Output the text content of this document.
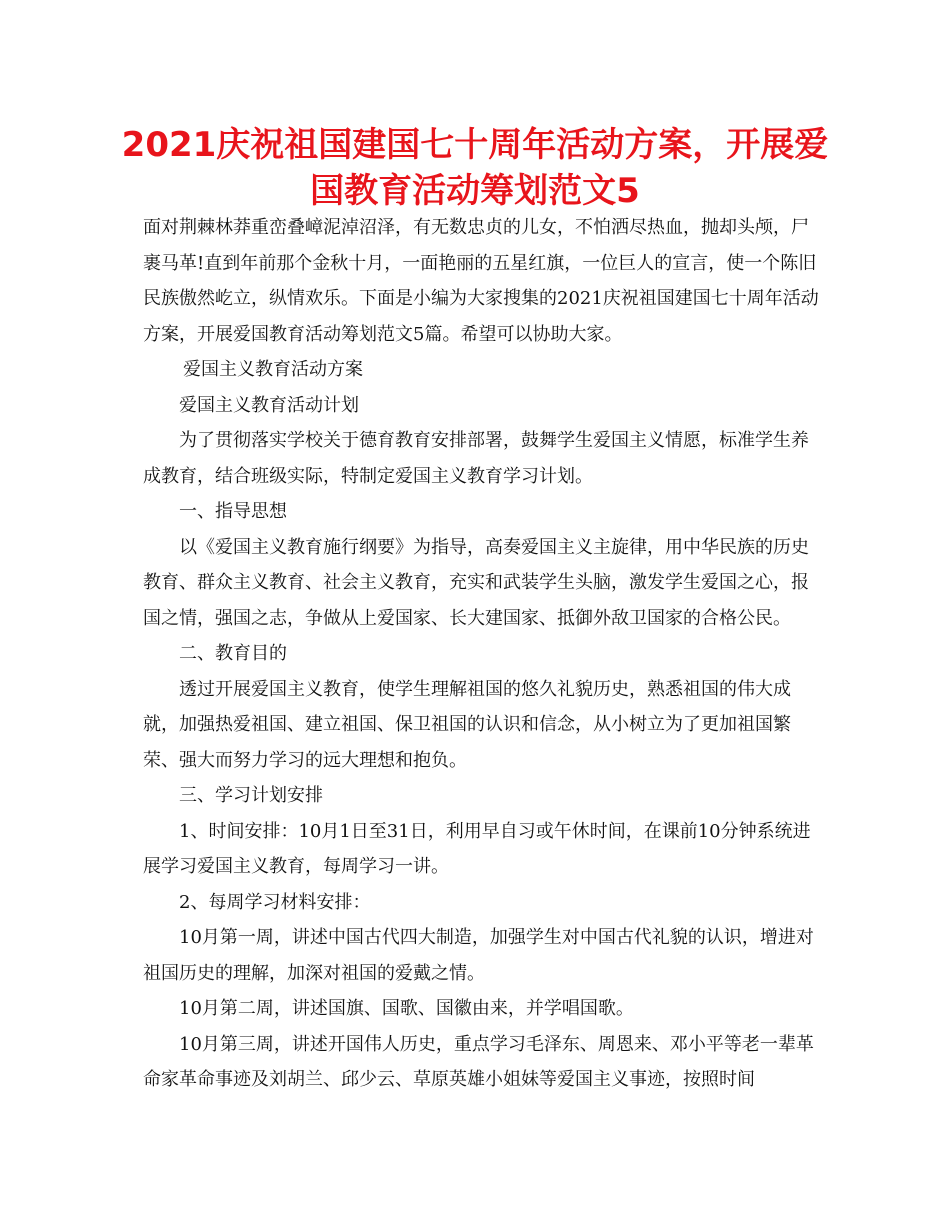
2021庆祝祖国建国七十周年活动方案，开展爱国教育活动筹划范文5

面对荆棘林莽重峦叠嶂泥淖沼泽，有无数忠贞的儿女，不怕洒尽热血，抛却头颅，尸裹马革!直到年前那个金秋十月，一面艳丽的五星红旗，一位巨人的宣言，使一个陈旧民族傲然屹立，纵情欢乐。下面是小编为大家搜集的2021庆祝祖国建国七十周年活动方案，开展爱国教育活动筹划范文5篇。希望可以协助大家。爱国主义教育活动方案

爱国主义教育活动计划

为了贯彻落实学校关于德育教育安排部署，鼓舞学生爱国主义情愿，标准学生养成教育，结合班级实际，特制定爱国主义教育学习计划。

一、指导思想

以《爱国主义教育施行纲要》为指导，高奏爱国主义主旋律，用中华民族的历史教育、群众主义教育、社会主义教育，充实和武装学生头脑，激发学生爱国之心，报国之情，强国之志，争做从上爱国家、长大建国家、抵御外敌卫国家的合格公民。

二、教育目的

透过开展爱国主义教育，使学生理解祖国的悠久礼貌历史，熟悉祖国的伟大成就，加强热爱祖国、建立祖国、保卫祖国的认识和信念，从小树立为了更加祖国繁荣、强大而努力学习的远大理想和抱负。

三、学习计划安排

1、时间安排：10月1日至31日，利用早自习或午休时间，在课前10分钟系统进展学习爱国主义教育，每周学习一讲。

2、每周学习材料安排：

10月第一周，讲述中国古代四大制造，加强学生对中国古代礼貌的认识，增进对祖国历史的理解，加深对祖国的爱戴之情。

10月第二周，讲述国旗、国歌、国徽由来，并学唱国歌。

10月第三周，讲述开国伟人历史，重点学习毛泽东、周恩来、邓小平等老一辈革命家革命事迹及刘胡兰、邱少云、草原英雄小姐妹等爱国主义事迹，按照时间
